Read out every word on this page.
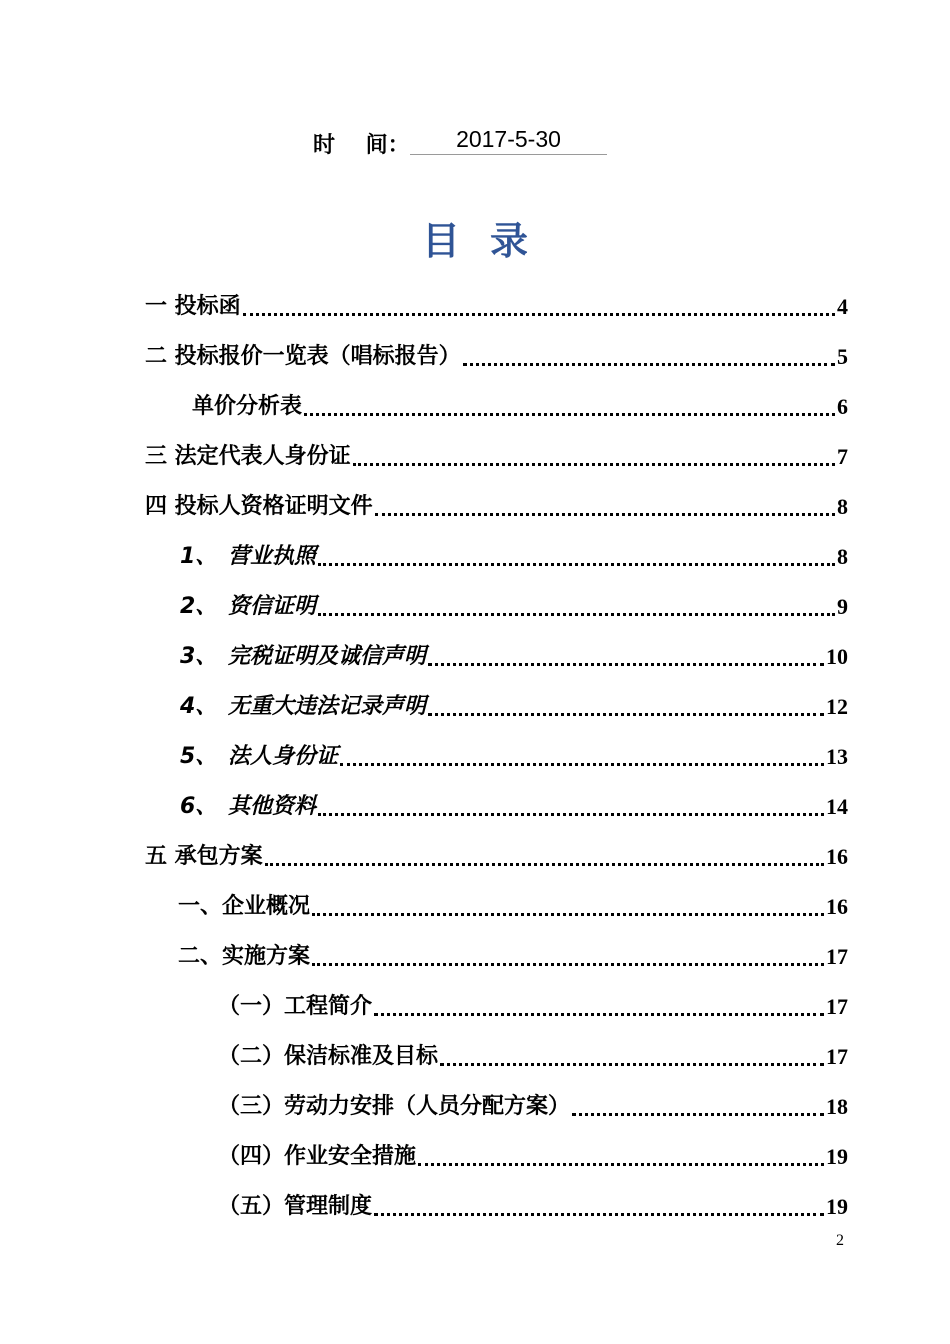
时    间：	2017-5-30
目录
一 投标函	4
二 投标报价一览表（唱标报告）	5
单价分析表	6
三 法定代表人身份证	7
四 投标人资格证明文件	8
1、 营业执照	8
2、 资信证明	9
3、 完税证明及诚信声明	10
4、 无重大违法记录声明	12
5、 法人身份证	13
6、 其他资料	14
五 承包方案	16
一、企业概况	16
二、实施方案	17
（一）工程简介	17
（二）保洁标准及目标	17
（三）劳动力安排（人员分配方案）	18
（四）作业安全措施	19
（五）管理制度	19
2
